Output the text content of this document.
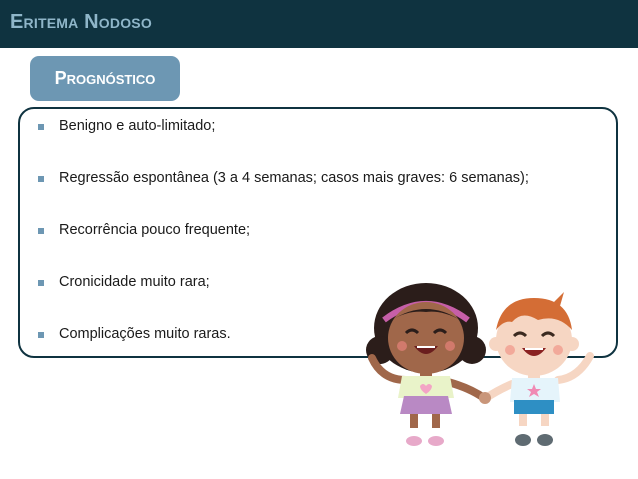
Eritema Nodoso
Prognóstico
Benigno e auto-limitado;
Regressão espontânea (3 a 4 semanas; casos mais graves: 6 semanas);
Recorrência pouco frequente;
Cronicidade muito rara;
Complicações muito raras.
